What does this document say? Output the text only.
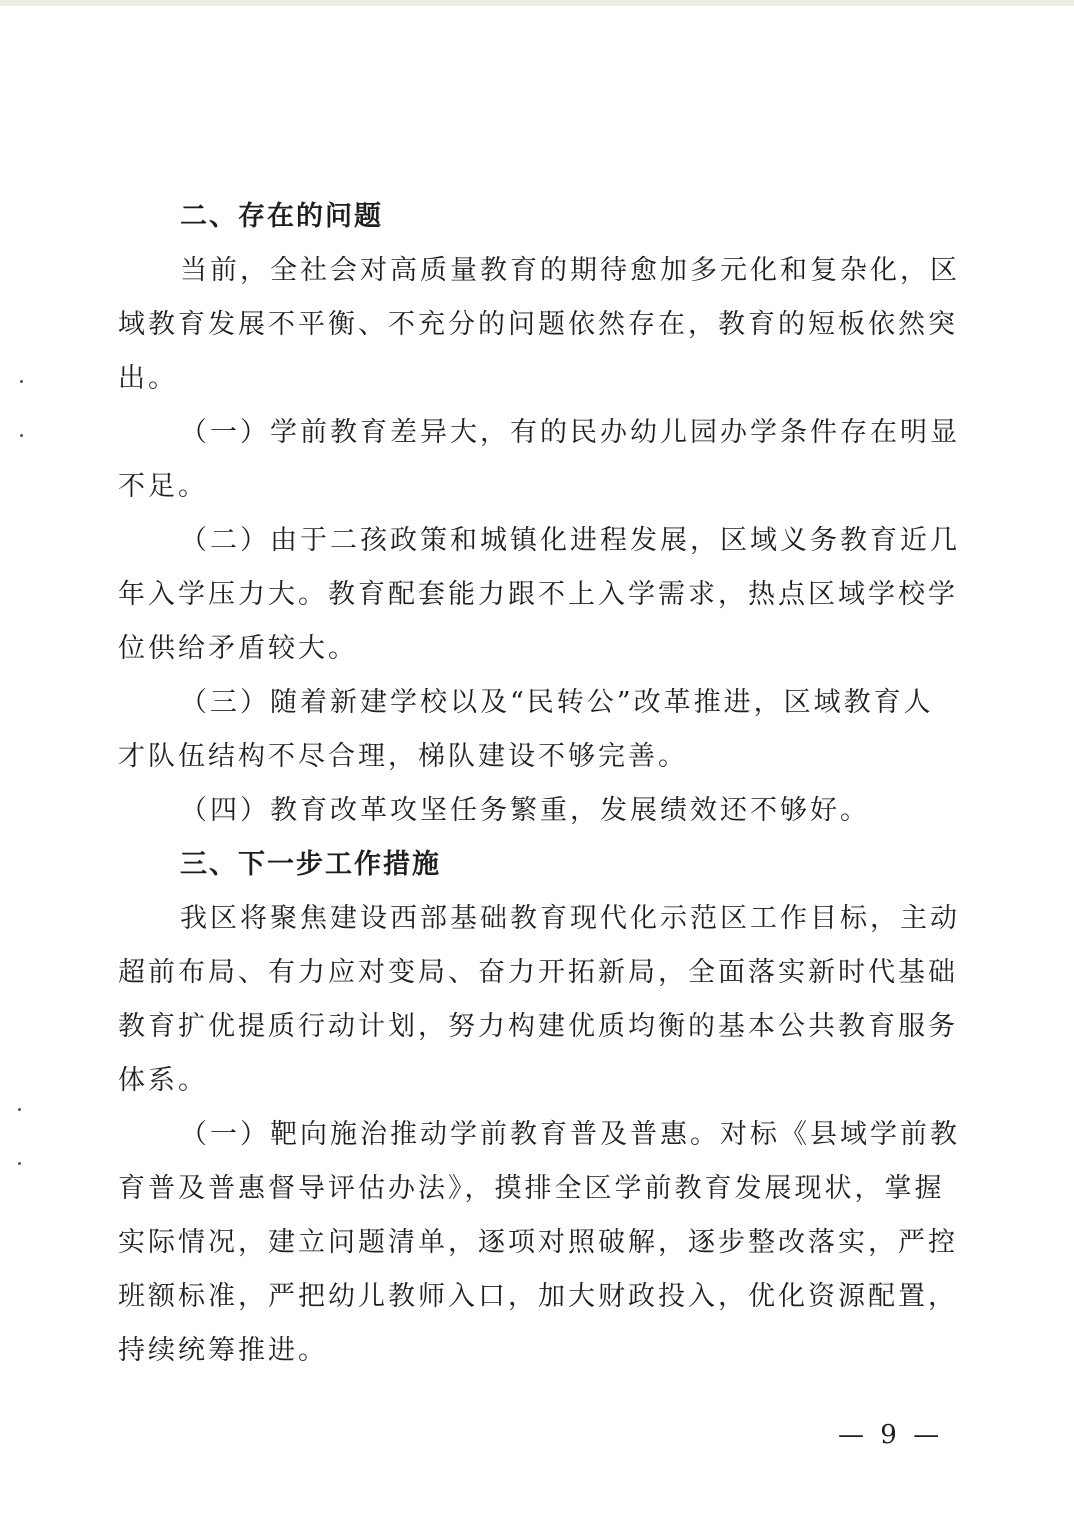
二、存在的问题

当前，全社会对高质量教育的期待愈加多元化和复杂化，区

域教育发展不平衡、不充分的问题依然存在，教育的短板依然突

出。

（一）学前教育差异大，有的民办幼儿园办学条件存在明显

不足。

（二）由于二孩政策和城镇化进程发展，区域义务教育近几

年入学压力大。教育配套能力跟不上入学需求，热点区域学校学

位供给矛盾较大。

（三）随着新建学校以及“民转公”改革推进，区域教育人

才队伍结构不尽合理，梯队建设不够完善。

（四）教育改革攻坚任务繁重，发展绩效还不够好。

三、下一步工作措施

我区将聚焦建设西部基础教育现代化示范区工作目标，主动

超前布局、有力应对变局、奋力开拓新局，全面落实新时代基础

教育扩优提质行动计划，努力构建优质均衡的基本公共教育服务

体系。

（一）靶向施治推动学前教育普及普惠。对标《县域学前教

育普及普惠督导评估办法》，摸排全区学前教育发展现状，掌握

实际情况，建立问题清单，逐项对照破解，逐步整改落实，严控

班额标准，严把幼儿教师入口，加大财政投入，优化资源配置，

持续统筹推进。

— 9 —
